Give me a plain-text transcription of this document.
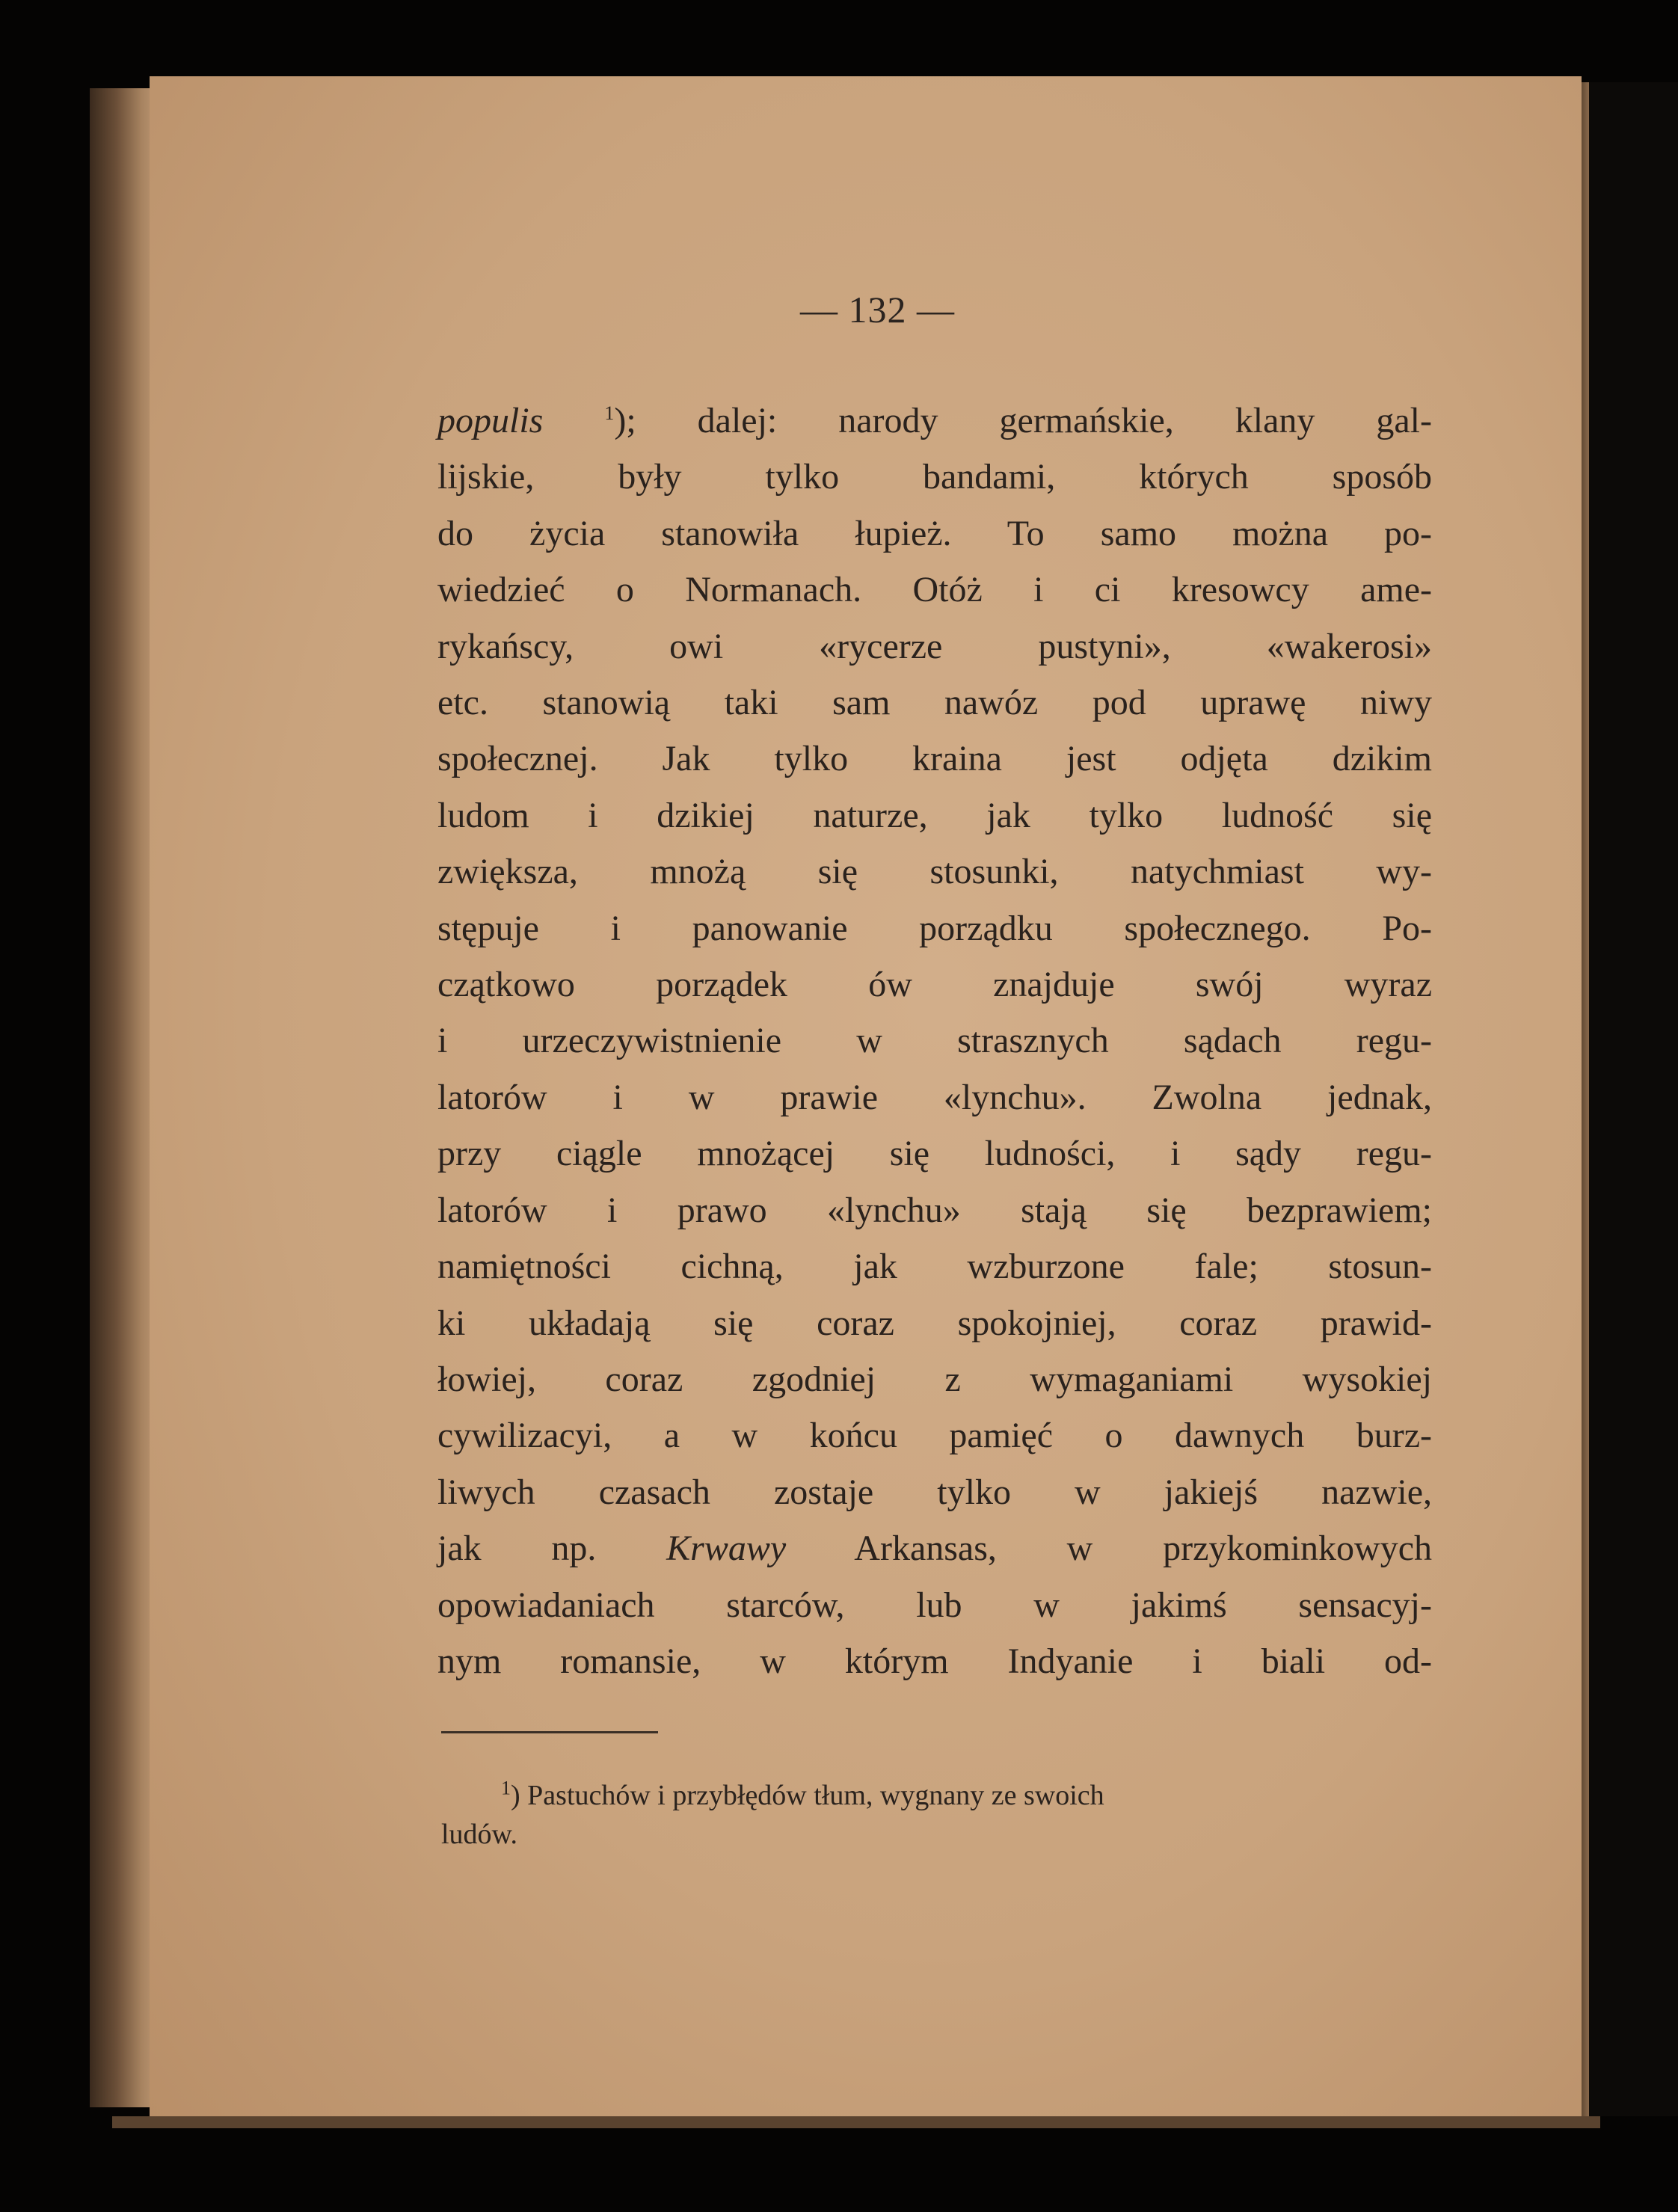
— 132 —
populis	$^1$); dalej: narody germańskie, klany gal-
lijskie, były tylko bandami, których sposób
do życia stanowiła łupież. To samo można po-
wiedzieć o Normanach. Otóż i ci kresowcy ame-
rykańscy, owi «rycerze pustyni», «wakerosi»
etc. stanowią taki sam nawóz pod uprawę niwy
społecznej. Jak tylko kraina jest odjęta dzikim
ludom i dzikiej naturze, jak tylko ludność się
zwiększa, mnożą się stosunki, natychmiast wy-
stępuje i panowanie porządku społecznego. Po-
czątkowo porządek ów znajduje swój wyraz
i urzeczywistnienie w strasznych sądach regu-
latorów i w prawie «lynchu». Zwolna jednak,
przy ciągle mnożącej się ludności, i sądy regu-
latorów i prawo «lynchu» stają się bezprawiem;
namiętności cichną, jak wzburzone fale; stosun-
ki układają się coraz spokojniej, coraz prawid-
łowiej, coraz zgodniej z wymaganiami wysokiej
cywilizacyi, a w końcu pamięć o dawnych burz-
liwych czasach zostaje tylko w jakiejś nazwie,
jak np. Krwawy Arkansas, w przykominkowych
opowiadaniach starców, lub w jakimś sensacyj-
nym romansie, w którym Indyanie i biali od-
$^1$) Pastuchów i przybłędów tłum, wygnany ze swoich
ludów.
